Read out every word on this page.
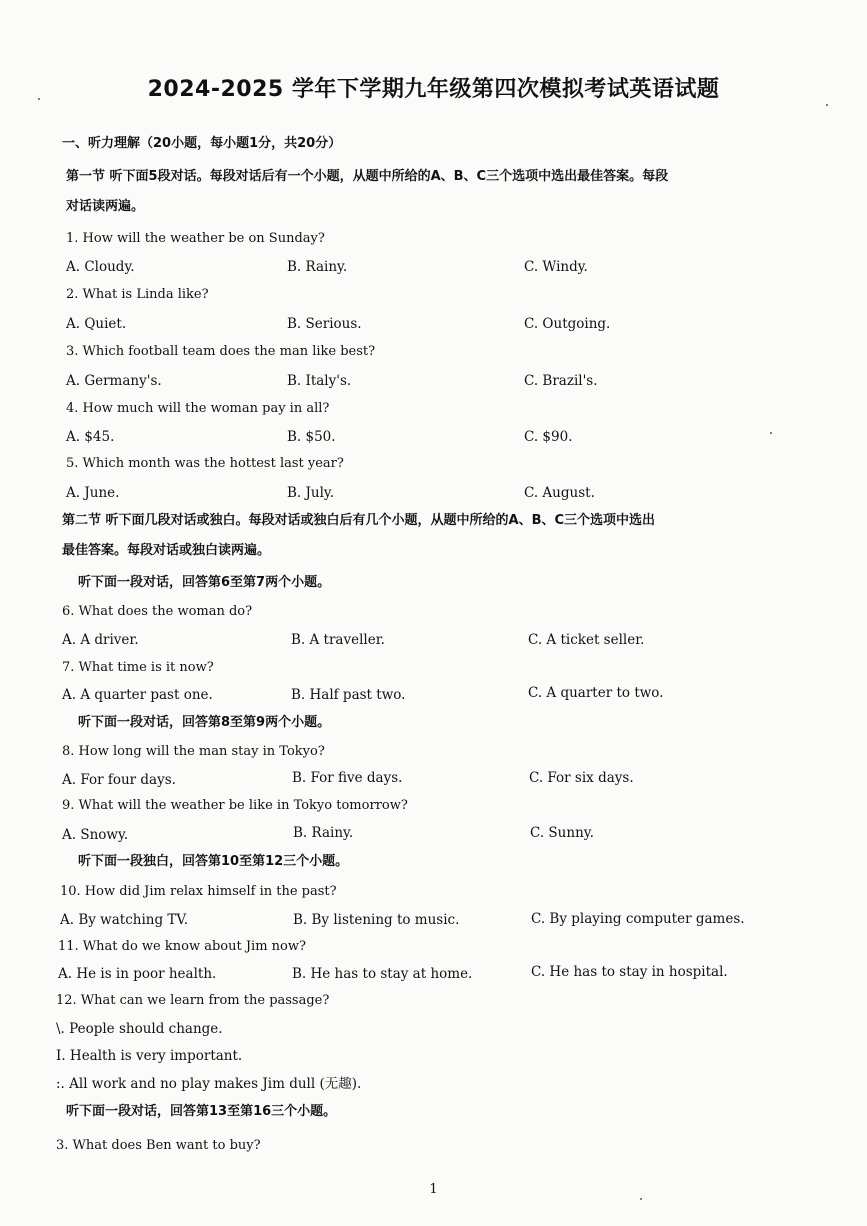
2024-2025 学年下学期九年级第四次模拟考试英语试题
一、听力理解（20小题，每小题1分，共20分）
第一节 听下面5段对话。每段对话后有一个小题，从题中所给的A、B、C三个选项中选出最佳答案。每段
对话读两遍。
1. How will the weather be on Sunday?
A. Cloudy.	B. Rainy.	C. Windy.
2. What is Linda like?
A. Quiet.	B. Serious.	C. Outgoing.
3. Which football team does the man like best?
A. Germany's.	B. Italy's.	C. Brazil's.
4. How much will the woman pay in all?
A. $45.	B. $50.	C. $90.
5. Which month was the hottest last year?
A. June.	B. July.	C. August.
第二节 听下面几段对话或独白。每段对话或独白后有几个小题，从题中所给的A、B、C三个选项中选出
最佳答案。每段对话或独白读两遍。
听下面一段对话，回答第6至第7两个小题。
6. What does the woman do?
A. A driver.	B. A traveller.	C. A ticket seller.
7. What time is it now?
A. A quarter past one.	B. Half past two.	C. A quarter to two.
听下面一段对话，回答第8至第9两个小题。
8. How long will the man stay in Tokyo?
A. For four days.	B. For five days.	C. For six days.
9. What will the weather be like in Tokyo tomorrow?
A. Snowy.	B. Rainy.	C. Sunny.
听下面一段独白，回答第10至第12三个小题。
10. How did Jim relax himself in the past?
A. By watching TV.	B. By listening to music.	C. By playing computer games.
11. What do we know about Jim now?
A. He is in poor health.	B. He has to stay at home.	C. He has to stay in hospital.
12. What can we learn from the passage?
\. People should change.
I. Health is very important.
:. All work and no play makes Jim dull (无趣).
听下面一段对话，回答第13至第16三个小题。
3. What does Ben want to buy?
1
